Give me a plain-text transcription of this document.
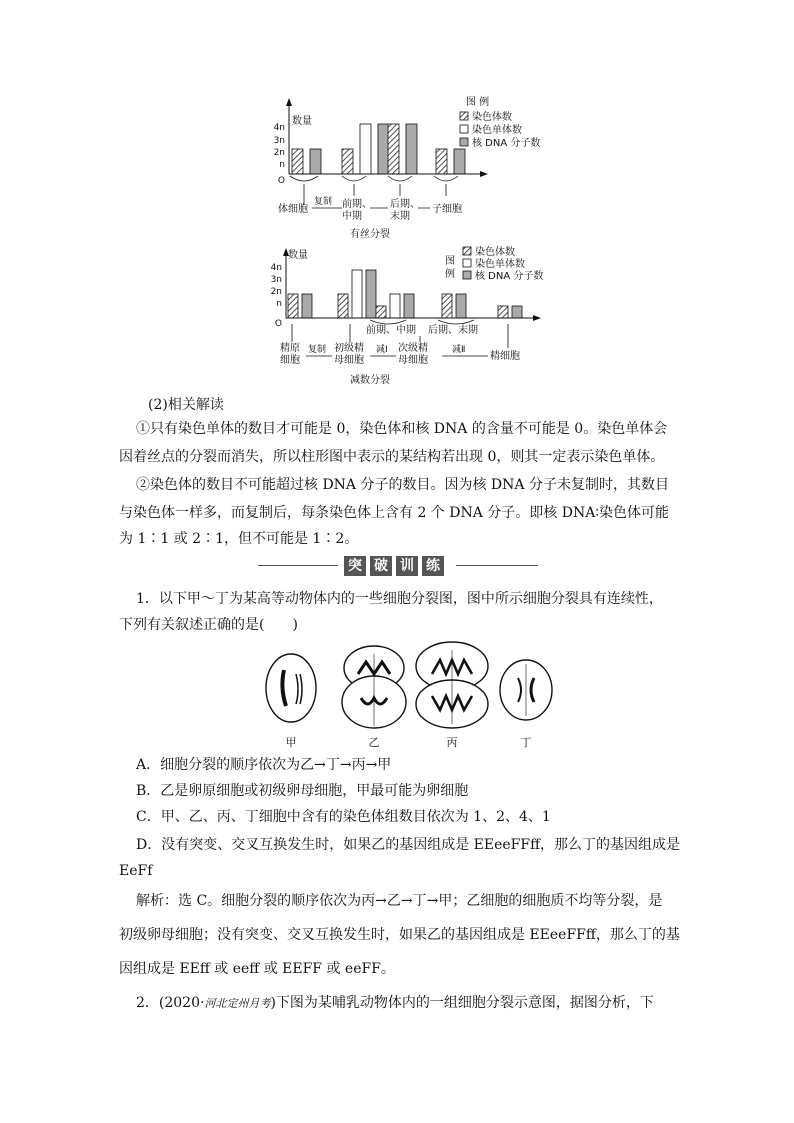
4n
3n
2n
n
O
数量
图 例
染色体数
染色单体数
核 DNA 分子数
体细胞
复制 前期、
中期
后期、
末期
子细胞
有丝分裂
4n
3n
2n
n
O
数量
图
例
染色体数
染色单体数
核 DNA 分子数
前期、中期 后期、末期
精原
细胞
复制 初级精
母细胞
减Ⅰ 次级精
母细胞
减Ⅱ
精细胞
减数分裂
(2)相关解读
①只有染色单体的数目才可能是 0，染色体和核 DNA 的含量不可能是 0。染色单体会
因着丝点的分裂而消失，所以柱形图中表示的某结构若出现 0，则其一定表示染色单体。
②染色体的数目不可能超过核 DNA 分子的数目。因为核 DNA 分子未复制时，其数目
与染色体一样多，而复制后，每条染色体上含有 2 个 DNA 分子。即核 DNA∶染色体可能
为 1∶1 或 2∶1，但不可能是 1∶2。
突 破 训 练
1．以下甲～丁为某高等动物体内的一些细胞分裂图，图中所示细胞分裂具有连续性，
下列有关叙述正确的是(　　)
甲	乙	丙	丁
A．细胞分裂的顺序依次为乙→丁→丙→甲
B．乙是卵原细胞或初级卵母细胞，甲最可能为卵细胞
C．甲、乙、丙、丁细胞中含有的染色体组数目依次为 1、2、4、1
D．没有突变、交叉互换发生时，如果乙的基因组成是 EEeeFFff，那么丁的基因组成是
EeFf
解析：选 C。细胞分裂的顺序依次为丙→乙→丁→甲；乙细胞的细胞质不均等分裂，是
初级卵母细胞；没有突变、交叉互换发生时，如果乙的基因组成是 EEeeFFff，那么丁的基
因组成是 EEff 或 eeff 或 EEFF 或 eeFF。
2．(2020·河北定州月考)下图为某哺乳动物体内的一组细胞分裂示意图，据图分析，下
